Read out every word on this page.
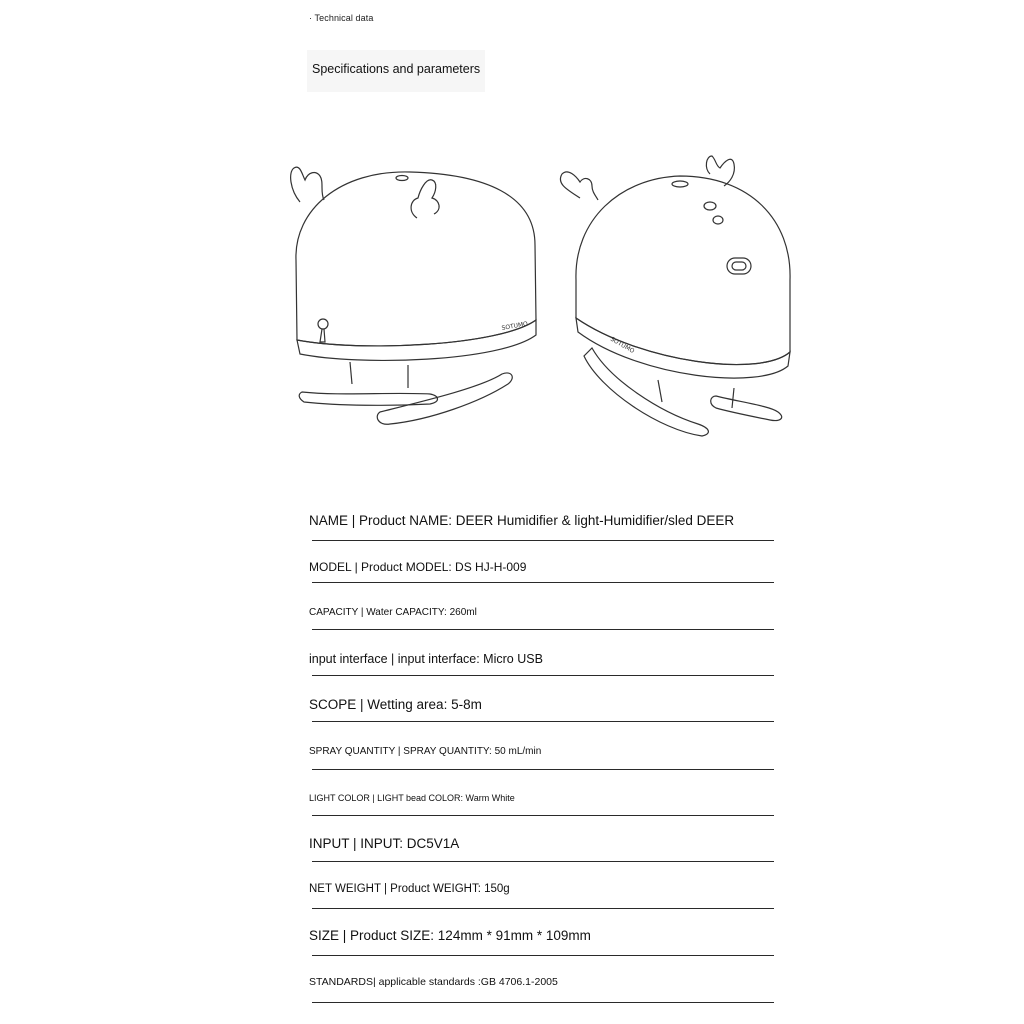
· Technical data
Specifications and parameters
SOTUMO
SOTUMO
NAME | Product NAME: DEER Humidifier & light-Humidifier/sled DEER
MODEL | Product MODEL: DS HJ-H-009
CAPACITY | Water CAPACITY: 260ml
input interface | input interface: Micro USB
SCOPE | Wetting area: 5-8m
SPRAY QUANTITY | SPRAY QUANTITY: 50 mL/min
LIGHT COLOR | LIGHT bead COLOR: Warm White
INPUT | INPUT: DC5V1A
NET WEIGHT | Product WEIGHT: 150g
SIZE | Product SIZE: 124mm * 91mm * 109mm
STANDARDS| applicable standards :GB 4706.1-2005
